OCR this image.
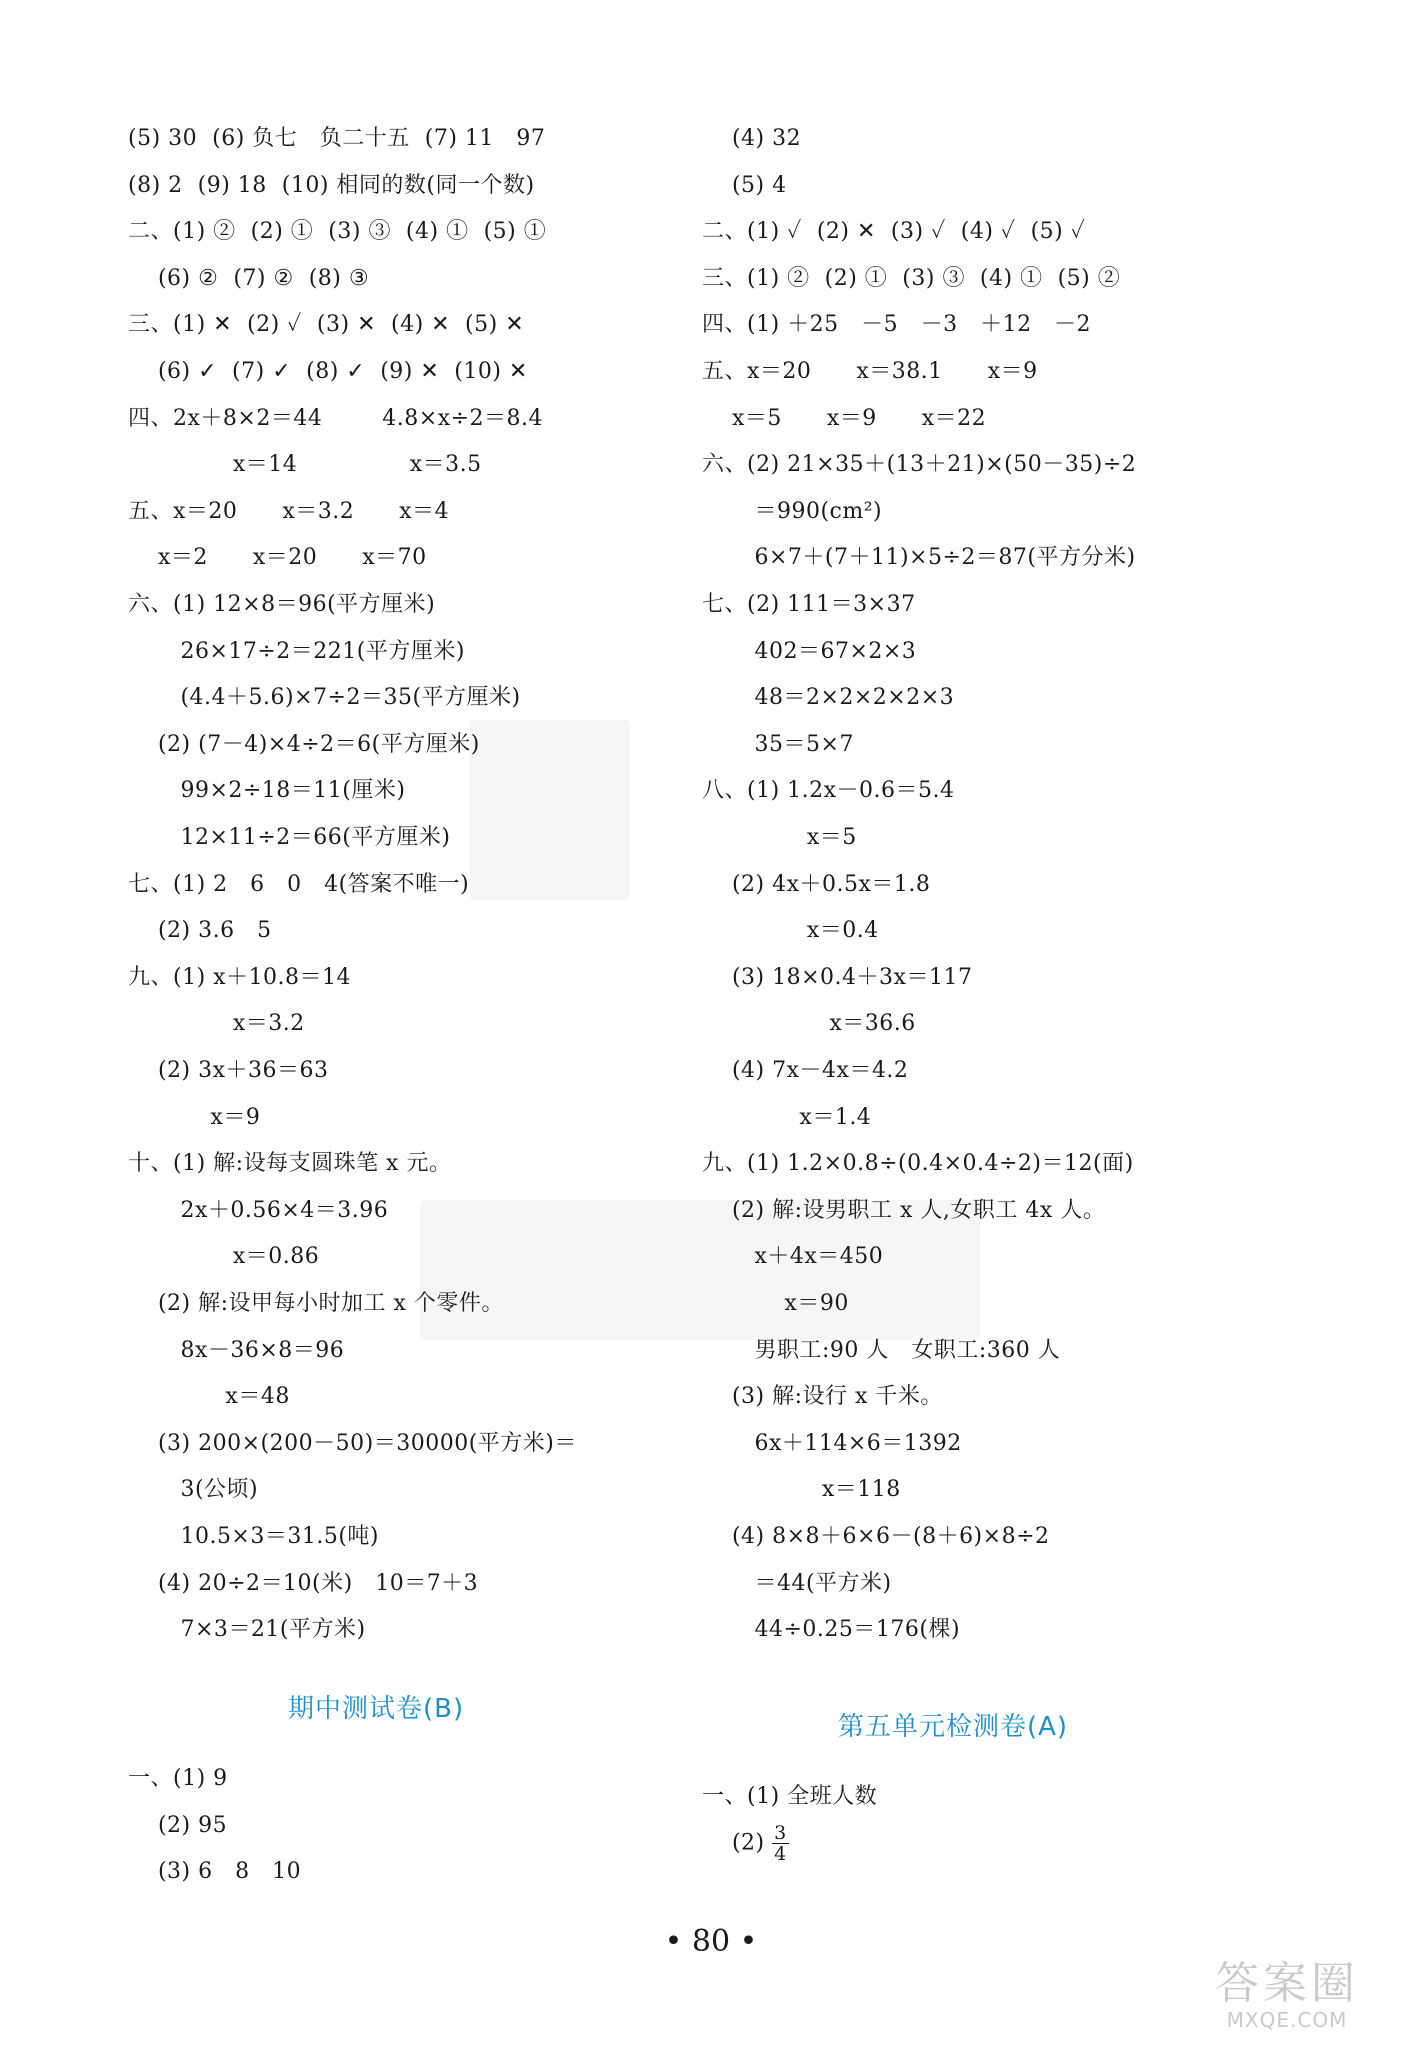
(5) 30  (6) 负七   负二十五  (7) 11   97
(8) 2  (9) 18  (10) 相同的数(同一个数)
二、(1) ②  (2) ①  (3) ③  (4) ①  (5) ①
(6) ②  (7) ②  (8) ③
三、(1) ✕  (2) ✓  (3) ✕  (4) ✕  (5) ✕
(6) ✓  (7) ✓  (8) ✓  (9) ✕  (10) ✕
四、2x＋8×2＝44        4.8×x÷2＝8.4
x＝14               x＝3.5
五、x＝20      x＝3.2      x＝4
x＝2      x＝20      x＝70
六、(1) 12×8＝96(平方厘米)
26×17÷2＝221(平方厘米)
(4.4＋5.6)×7÷2＝35(平方厘米)
(2) (7－4)×4÷2＝6(平方厘米)
99×2÷18＝11(厘米)
12×11÷2＝66(平方厘米)
七、(1) 2   6   0   4(答案不唯一)
(2) 3.6   5
九、(1) x＋10.8＝14
x＝3.2
(2) 3x＋36＝63
x＝9
十、(1) 解:设每支圆珠笔 x 元。
2x＋0.56×4＝3.96
x＝0.86
(2) 解:设甲每小时加工 x 个零件。
8x－36×8＝96
x＝48
(3) 200×(200－50)＝30000(平方米)＝
3(公顷)
10.5×3＝31.5(吨)
(4) 20÷2＝10(米)   10＝7＋3
7×3＝21(平方米)
期中测试卷(B)
一、(1) 9
(2) 95
(3) 6   8   10
(4) 32
(5) 4
二、(1) ✓  (2) ✕  (3) ✓  (4) ✓  (5) ✓
三、(1) ②  (2) ①  (3) ③  (4) ①  (5) ②
四、(1) ＋25   －5   －3   ＋12   －2
五、x＝20      x＝38.1      x＝9
x＝5      x＝9      x＝22
六、(2) 21×35＋(13＋21)×(50－35)÷2
＝990(cm²)
6×7＋(7＋11)×5÷2＝87(平方分米)
七、(2) 111＝3×37
402＝67×2×3
48＝2×2×2×2×3
35＝5×7
八、(1) 1.2x－0.6＝5.4
x＝5
(2) 4x＋0.5x＝1.8
x＝0.4
(3) 18×0.4＋3x＝117
x＝36.6
(4) 7x－4x＝4.2
x＝1.4
九、(1) 1.2×0.8÷(0.4×0.4÷2)＝12(面)
(2) 解:设男职工 x 人,女职工 4x 人。
x＋4x＝450
x＝90
男职工:90 人   女职工:360 人
(3) 解:设行 x 千米。
6x＋114×6＝1392
x＝118
(4) 8×8＋6×6－(8＋6)×8÷2
＝44(平方米)
44÷0.25＝176(棵)
第五单元检测卷(A)
一、(1) 全班人数
$(2) \frac{3}{4}$
• 80 •
答案圈
MXQE.COM
